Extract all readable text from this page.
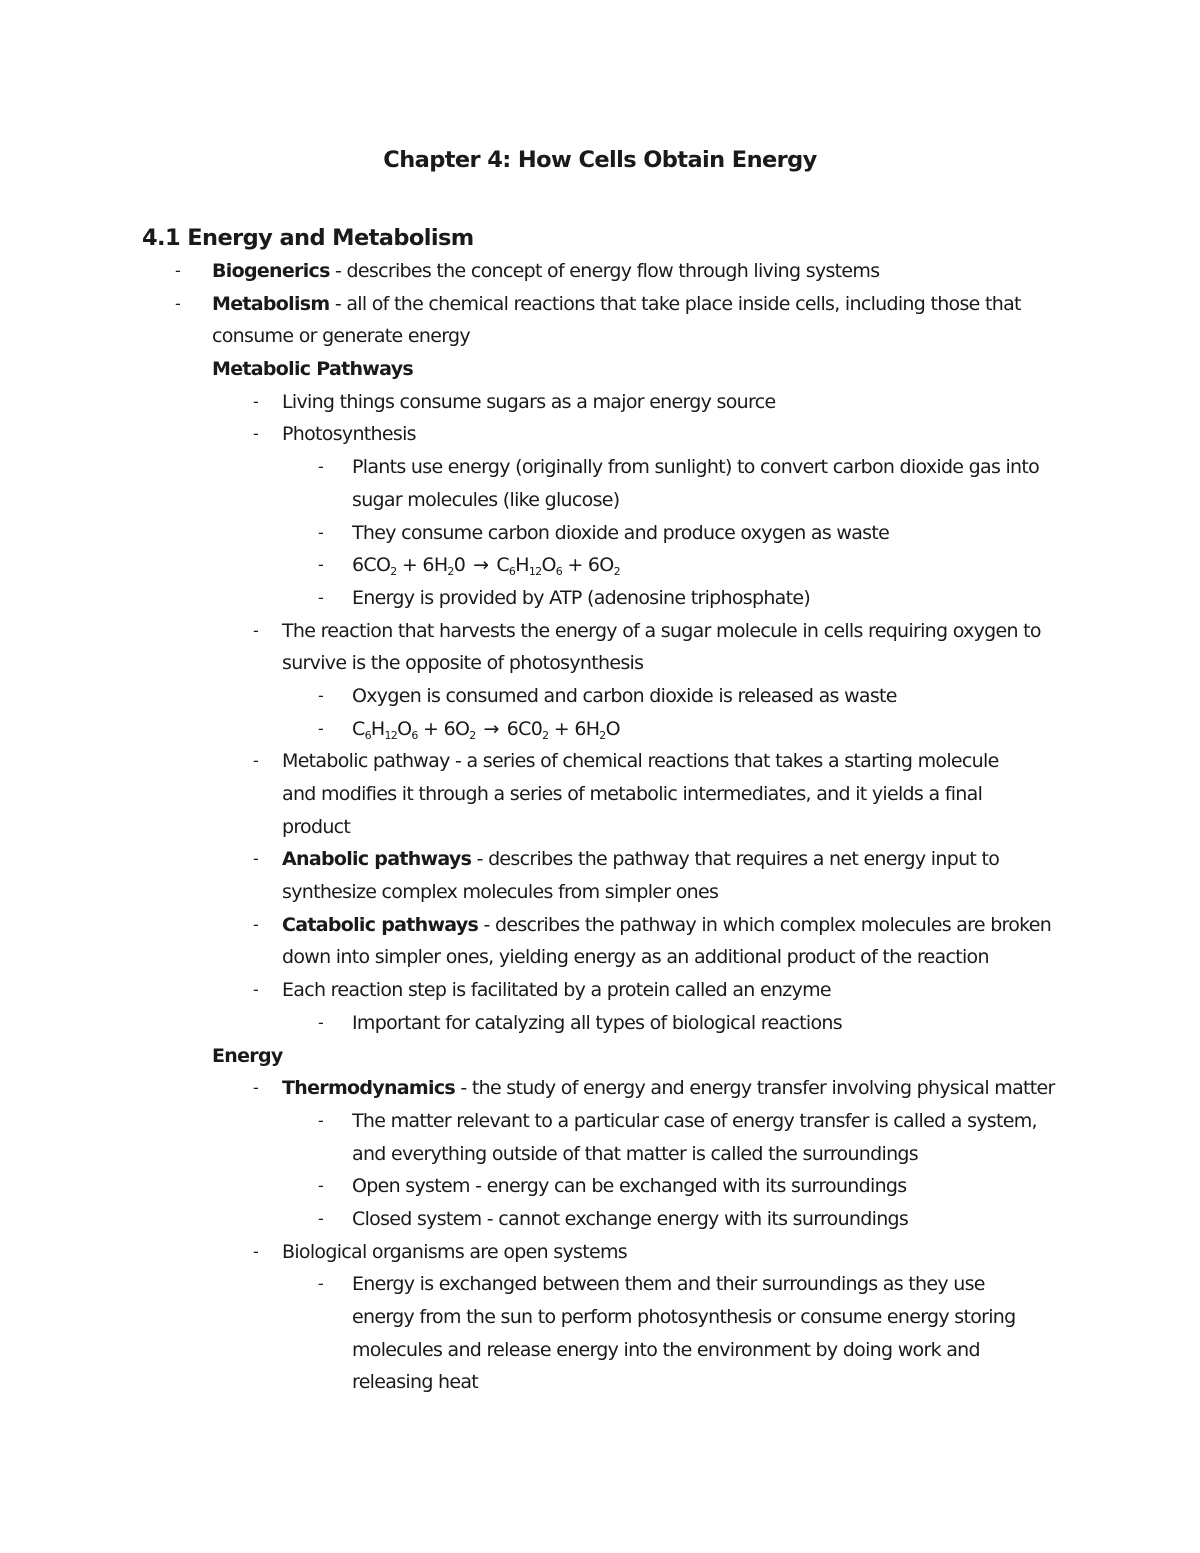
Chapter 4: How Cells Obtain Energy
4.1 Energy and Metabolism
- Biogenerics - describes the concept of energy flow through living systems
- Metabolism - all of the chemical reactions that take place inside cells, including those that
consume or generate energy
Metabolic Pathways
- Living things consume sugars as a major energy source
- Photosynthesis
- Plants use energy (originally from sunlight) to convert carbon dioxide gas into
sugar molecules (like glucose)
- They consume carbon dioxide and produce oxygen as waste
- $6CO_2 + 6H_20 \to C_6H_{12}O_6 + 6O_2$
- Energy is provided by ATP (adenosine triphosphate)
- The reaction that harvests the energy of a sugar molecule in cells requiring oxygen to
survive is the opposite of photosynthesis
- Oxygen is consumed and carbon dioxide is released as waste
- $C_6H_{12}O_6 + 6O_2 \to 6C0_2 + 6H_2O$
- Metabolic pathway - a series of chemical reactions that takes a starting molecule
and modifies it through a series of metabolic intermediates, and it yields a final
product
- Anabolic pathways - describes the pathway that requires a net energy input to
synthesize complex molecules from simpler ones
- Catabolic pathways - describes the pathway in which complex molecules are broken
down into simpler ones, yielding energy as an additional product of the reaction
- Each reaction step is facilitated by a protein called an enzyme
- Important for catalyzing all types of biological reactions
Energy
- Thermodynamics - the study of energy and energy transfer involving physical matter
- The matter relevant to a particular case of energy transfer is called a system,
and everything outside of that matter is called the surroundings
- Open system - energy can be exchanged with its surroundings
- Closed system - cannot exchange energy with its surroundings
- Biological organisms are open systems
- Energy is exchanged between them and their surroundings as they use
energy from the sun to perform photosynthesis or consume energy storing
molecules and release energy into the environment by doing work and
releasing heat
